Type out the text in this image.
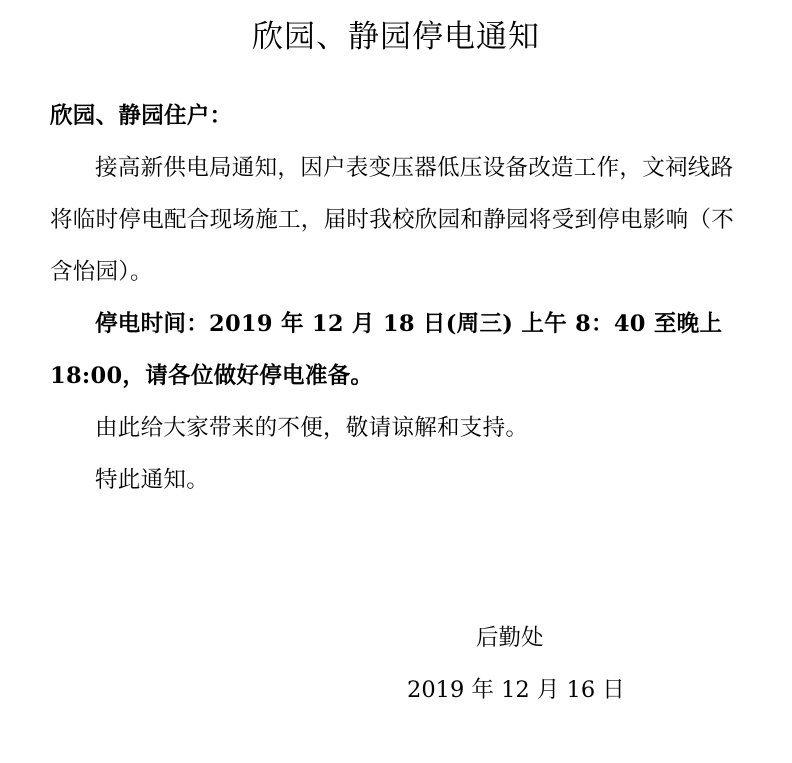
欣园、静园停电通知

欣园、静园住户：

接高新供电局通知，因户表变压器低压设备改造工作，文祠线路将临时停电配合现场施工，届时我校欣园和静园将受到停电影响（不含怡园）。

停电时间：2019 年 12 月 18 日(周三) 上午 8：40 至晚上 18:00，请各位做好停电准备。

由此给大家带来的不便，敬请谅解和支持。

特此通知。

后勤处
2019 年 12 月 16 日
